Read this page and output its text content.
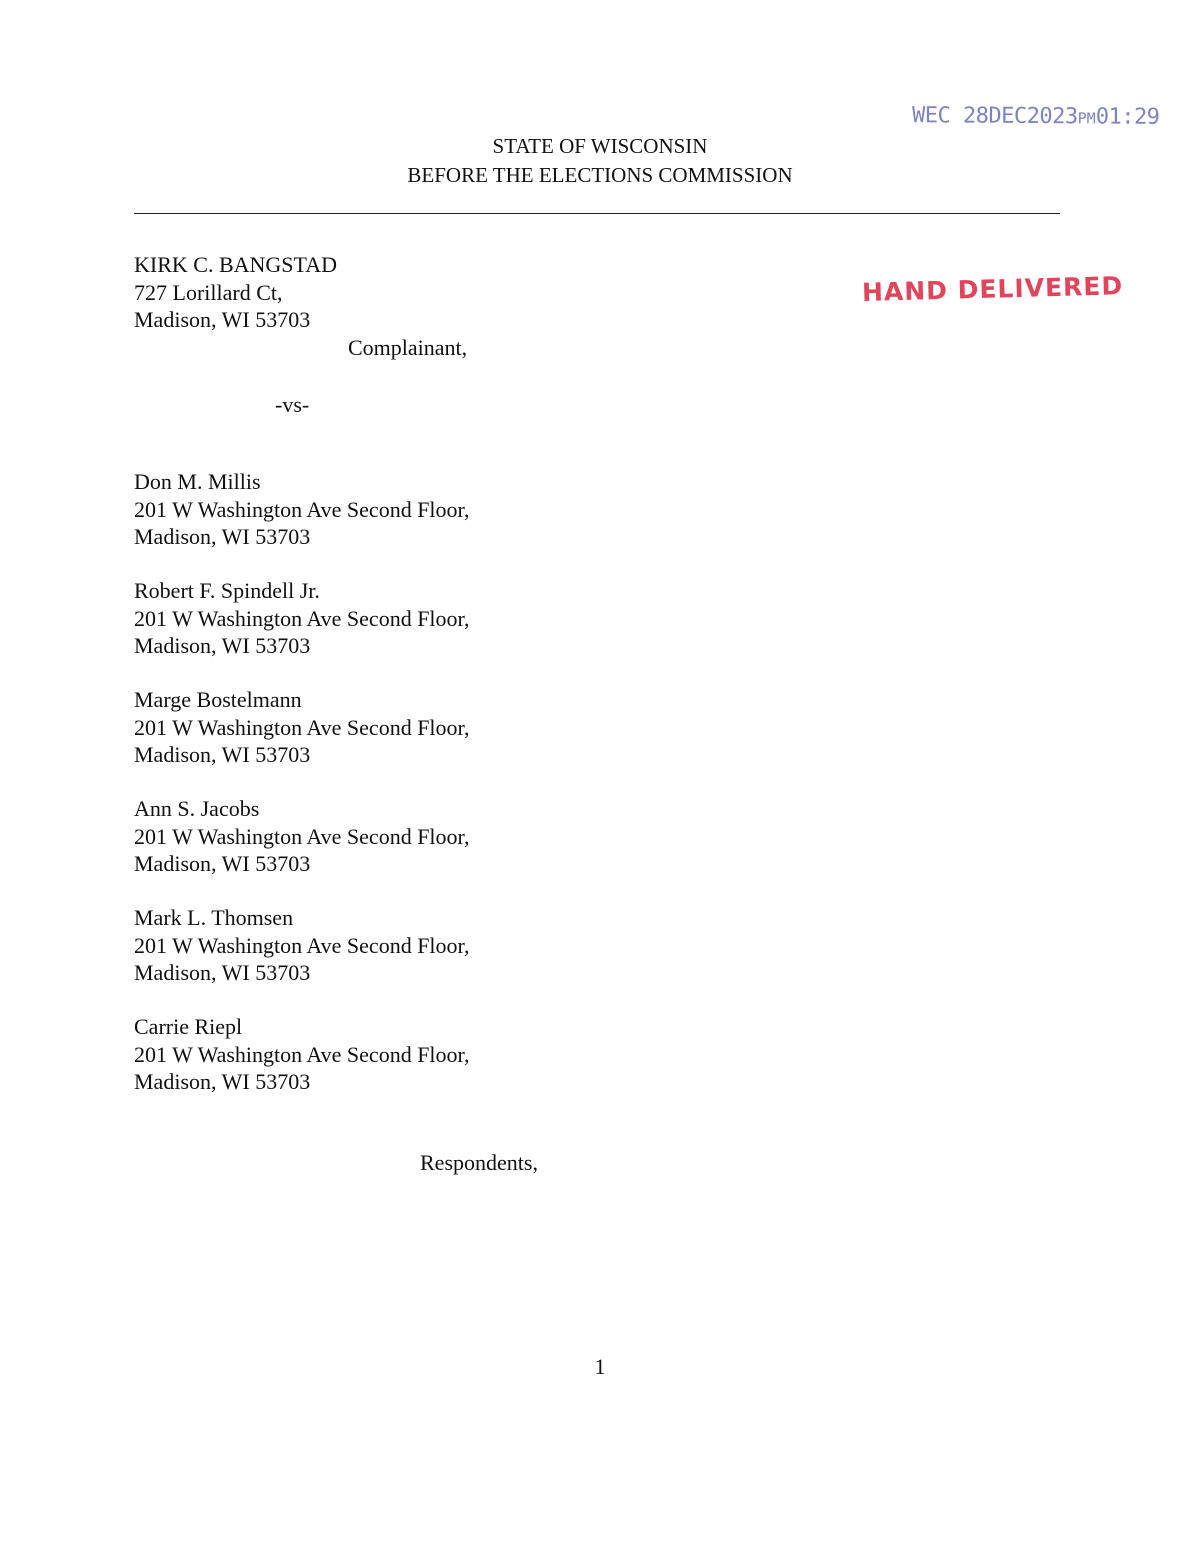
WEC 28DEC2023PM01:29

STATE OF WISCONSIN

BEFORE THE ELECTIONS COMMISSION

KIRK C. BANGSTAD

727 Lorillard Ct,

Madison, WI 53703

Complainant,

HAND DELIVERED

-vs-

Don M. Millis

201 W Washington Ave Second Floor,

Madison, WI 53703

Robert F. Spindell Jr.

201 W Washington Ave Second Floor,

Madison, WI 53703

Marge Bostelmann

201 W Washington Ave Second Floor,

Madison, WI 53703

Ann S. Jacobs

201 W Washington Ave Second Floor,

Madison, WI 53703

Mark L. Thomsen

201 W Washington Ave Second Floor,

Madison, WI 53703

Carrie Riepl

201 W Washington Ave Second Floor,

Madison, WI 53703

Respondents,

1
